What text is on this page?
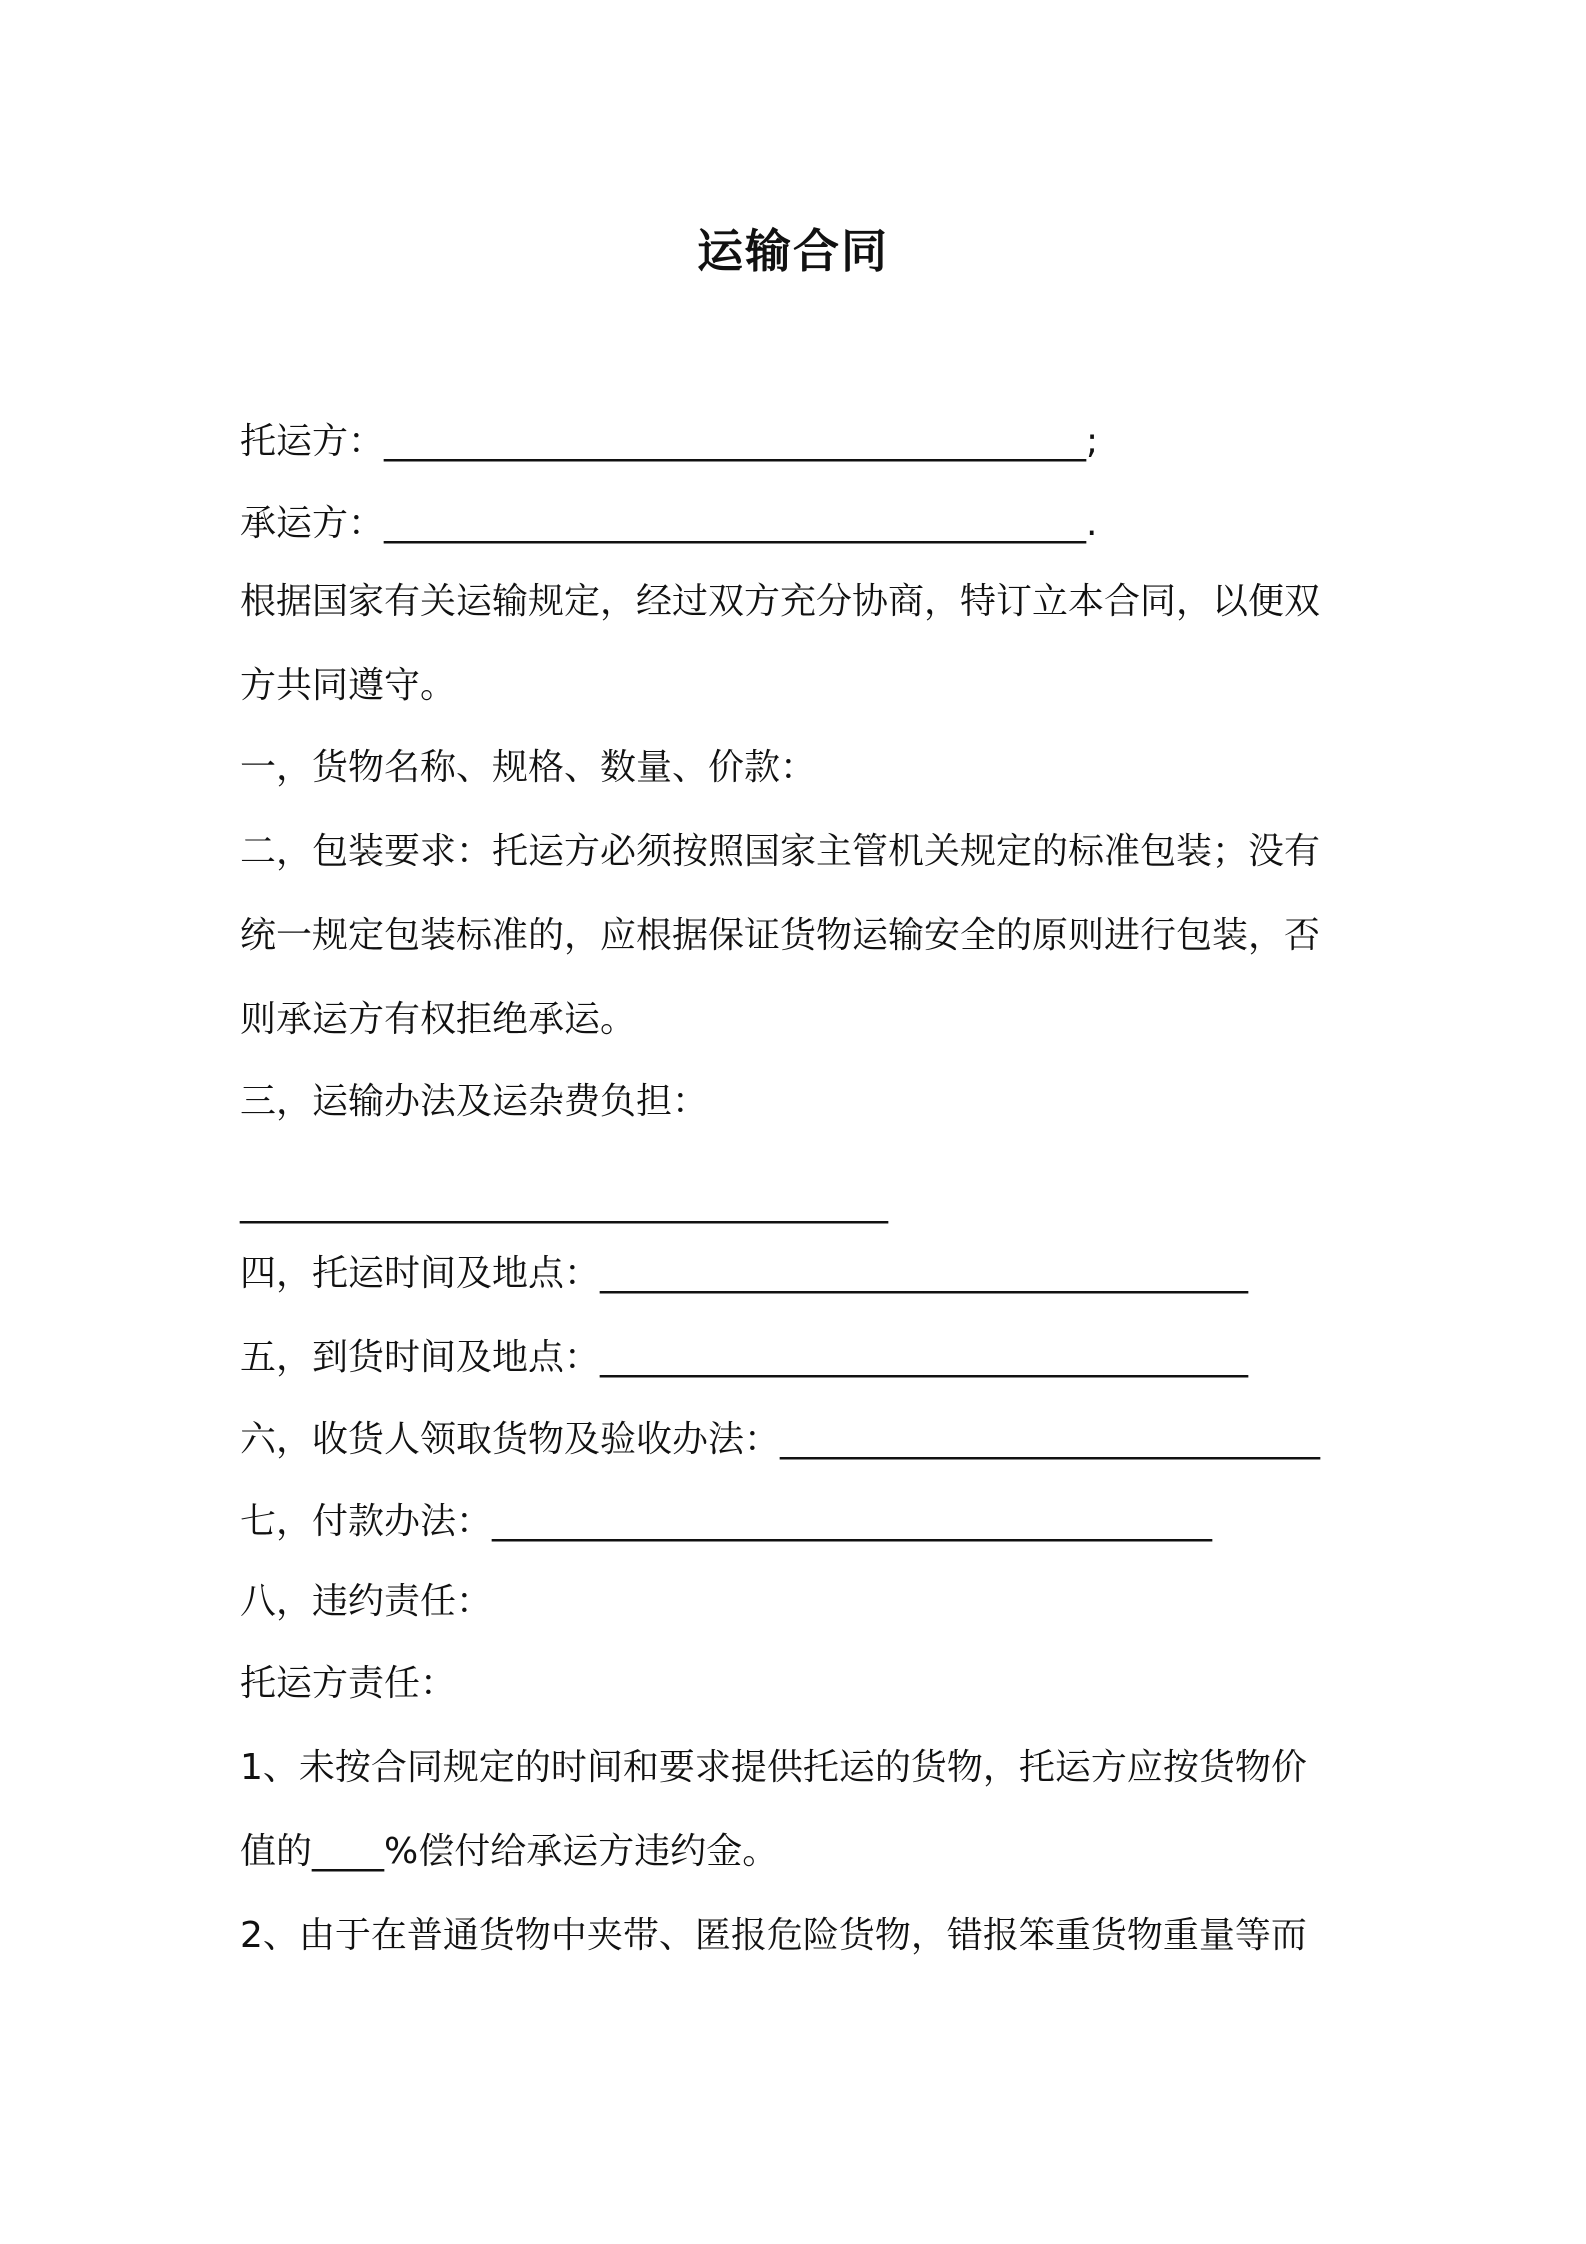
运输合同
托运方：_______________________________________;
承运方：_______________________________________.
根据国家有关运输规定，经过双方充分协商，特订立本合同，以便双
方共同遵守。
一，货物名称、规格、数量、价款：
二，包装要求：托运方必须按照国家主管机关规定的标准包装；没有
统一规定包装标准的，应根据保证货物运输安全的原则进行包装，否
则承运方有权拒绝承运。
三，运输办法及运杂费负担：
____________________________________
四，托运时间及地点：____________________________________
五，到货时间及地点：____________________________________
六，收货人领取货物及验收办法：______________________________
七，付款办法：________________________________________
八，违约责任：
托运方责任：
1、未按合同规定的时间和要求提供托运的货物，托运方应按货物价
值的____%偿付给承运方违约金。
2、由于在普通货物中夹带、匿报危险货物，错报笨重货物重量等而
